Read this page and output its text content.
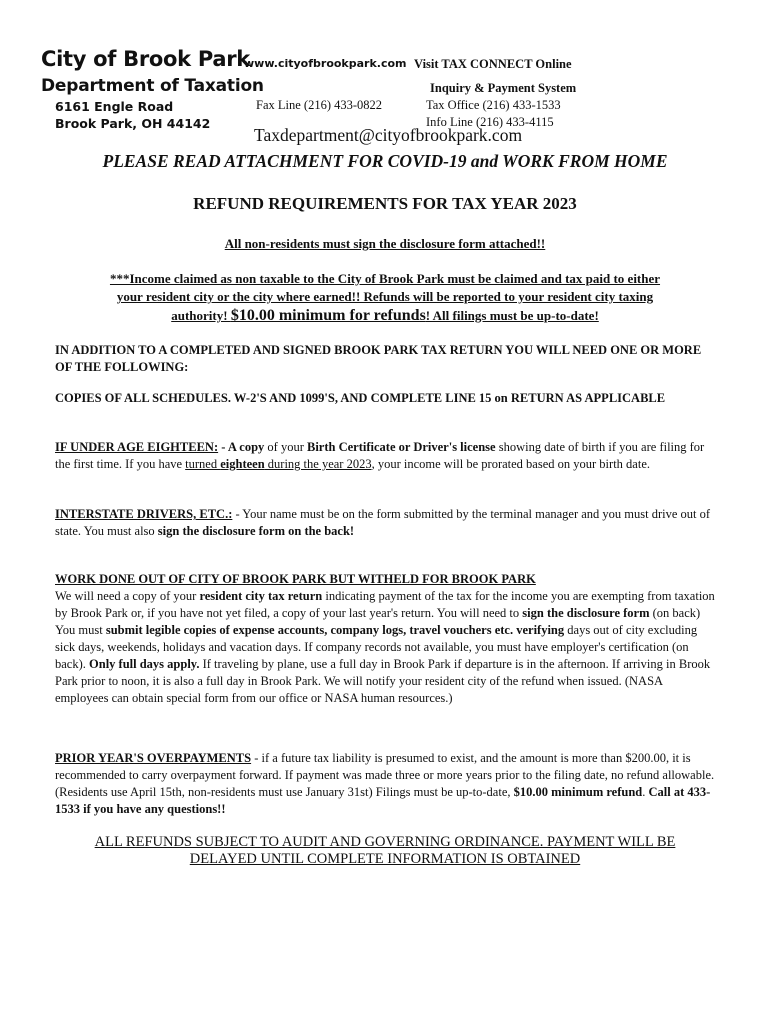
City of Brook Park
Department of Taxation
6161 Engle Road
Brook Park, OH 44142
www.cityofbrookpark.com
Fax Line (216) 433-0822
Visit TAX CONNECT Online
Inquiry & Payment System
Tax Office (216) 433-1533
Info Line (216) 433-4115
Taxdepartment@cityofbrookpark.com
PLEASE READ ATTACHMENT FOR COVID-19 and WORK FROM HOME
REFUND REQUIREMENTS FOR TAX YEAR 2023
All non-residents must sign the disclosure form attached!!
***Income claimed as non taxable to the City of Brook Park must be claimed and tax paid to either
your resident city or the city where earned!! Refunds will be reported to your resident city taxing
authority! $10.00 minimum for refunds! All filings must be up-to-date!

IN ADDITION TO A COMPLETED AND SIGNED BROOK PARK TAX RETURN YOU WILL NEED ONE OR MORE OF THE FOLLOWING:

COPIES OF ALL SCHEDULES. W-2'S AND 1099'S, AND COMPLETE LINE 15 on RETURN AS APPLICABLE

IF UNDER AGE EIGHTEEN: - A copy of your Birth Certificate or Driver's license showing date of birth if you are filing for the first time. If you have turned eighteen during the year 2023, your income will be prorated based on your birth date.

INTERSTATE DRIVERS, ETC.: - Your name must be on the form submitted by the terminal manager and you must drive out of state. You must also sign the disclosure form on the back!

WORK DONE OUT OF CITY OF BROOK PARK BUT WITHELD FOR BROOK PARK
We will need a copy of your resident city tax return indicating payment of the tax for the income you are exempting from taxation by Brook Park or, if you have not yet filed, a copy of your last year's return. You will need to sign the disclosure form (on back) You must submit legible copies of expense accounts, company logs, travel vouchers etc. verifying days out of city excluding sick days, weekends, holidays and vacation days. If company records not available, you must have employer's certification (on back). Only full days apply. If traveling by plane, use a full day in Brook Park if departure is in the afternoon. If arriving in Brook Park prior to noon, it is also a full day in Brook Park. We will notify your resident city of the refund when issued. (NASA employees can obtain special form from our office or NASA human resources.)

PRIOR YEAR'S OVERPAYMENTS - if a future tax liability is presumed to exist, and the amount is more than $200.00, it is recommended to carry overpayment forward. If payment was made three or more years prior to the filing date, no refund allowable. (Residents use April 15th, non-residents must use January 31st) Filings must be up-to-date, $10.00 minimum refund. Call at 433-1533 if you have any questions!!

ALL REFUNDS SUBJECT TO AUDIT AND GOVERNING ORDINANCE. PAYMENT WILL BE
DELAYED UNTIL COMPLETE INFORMATION IS OBTAINED
